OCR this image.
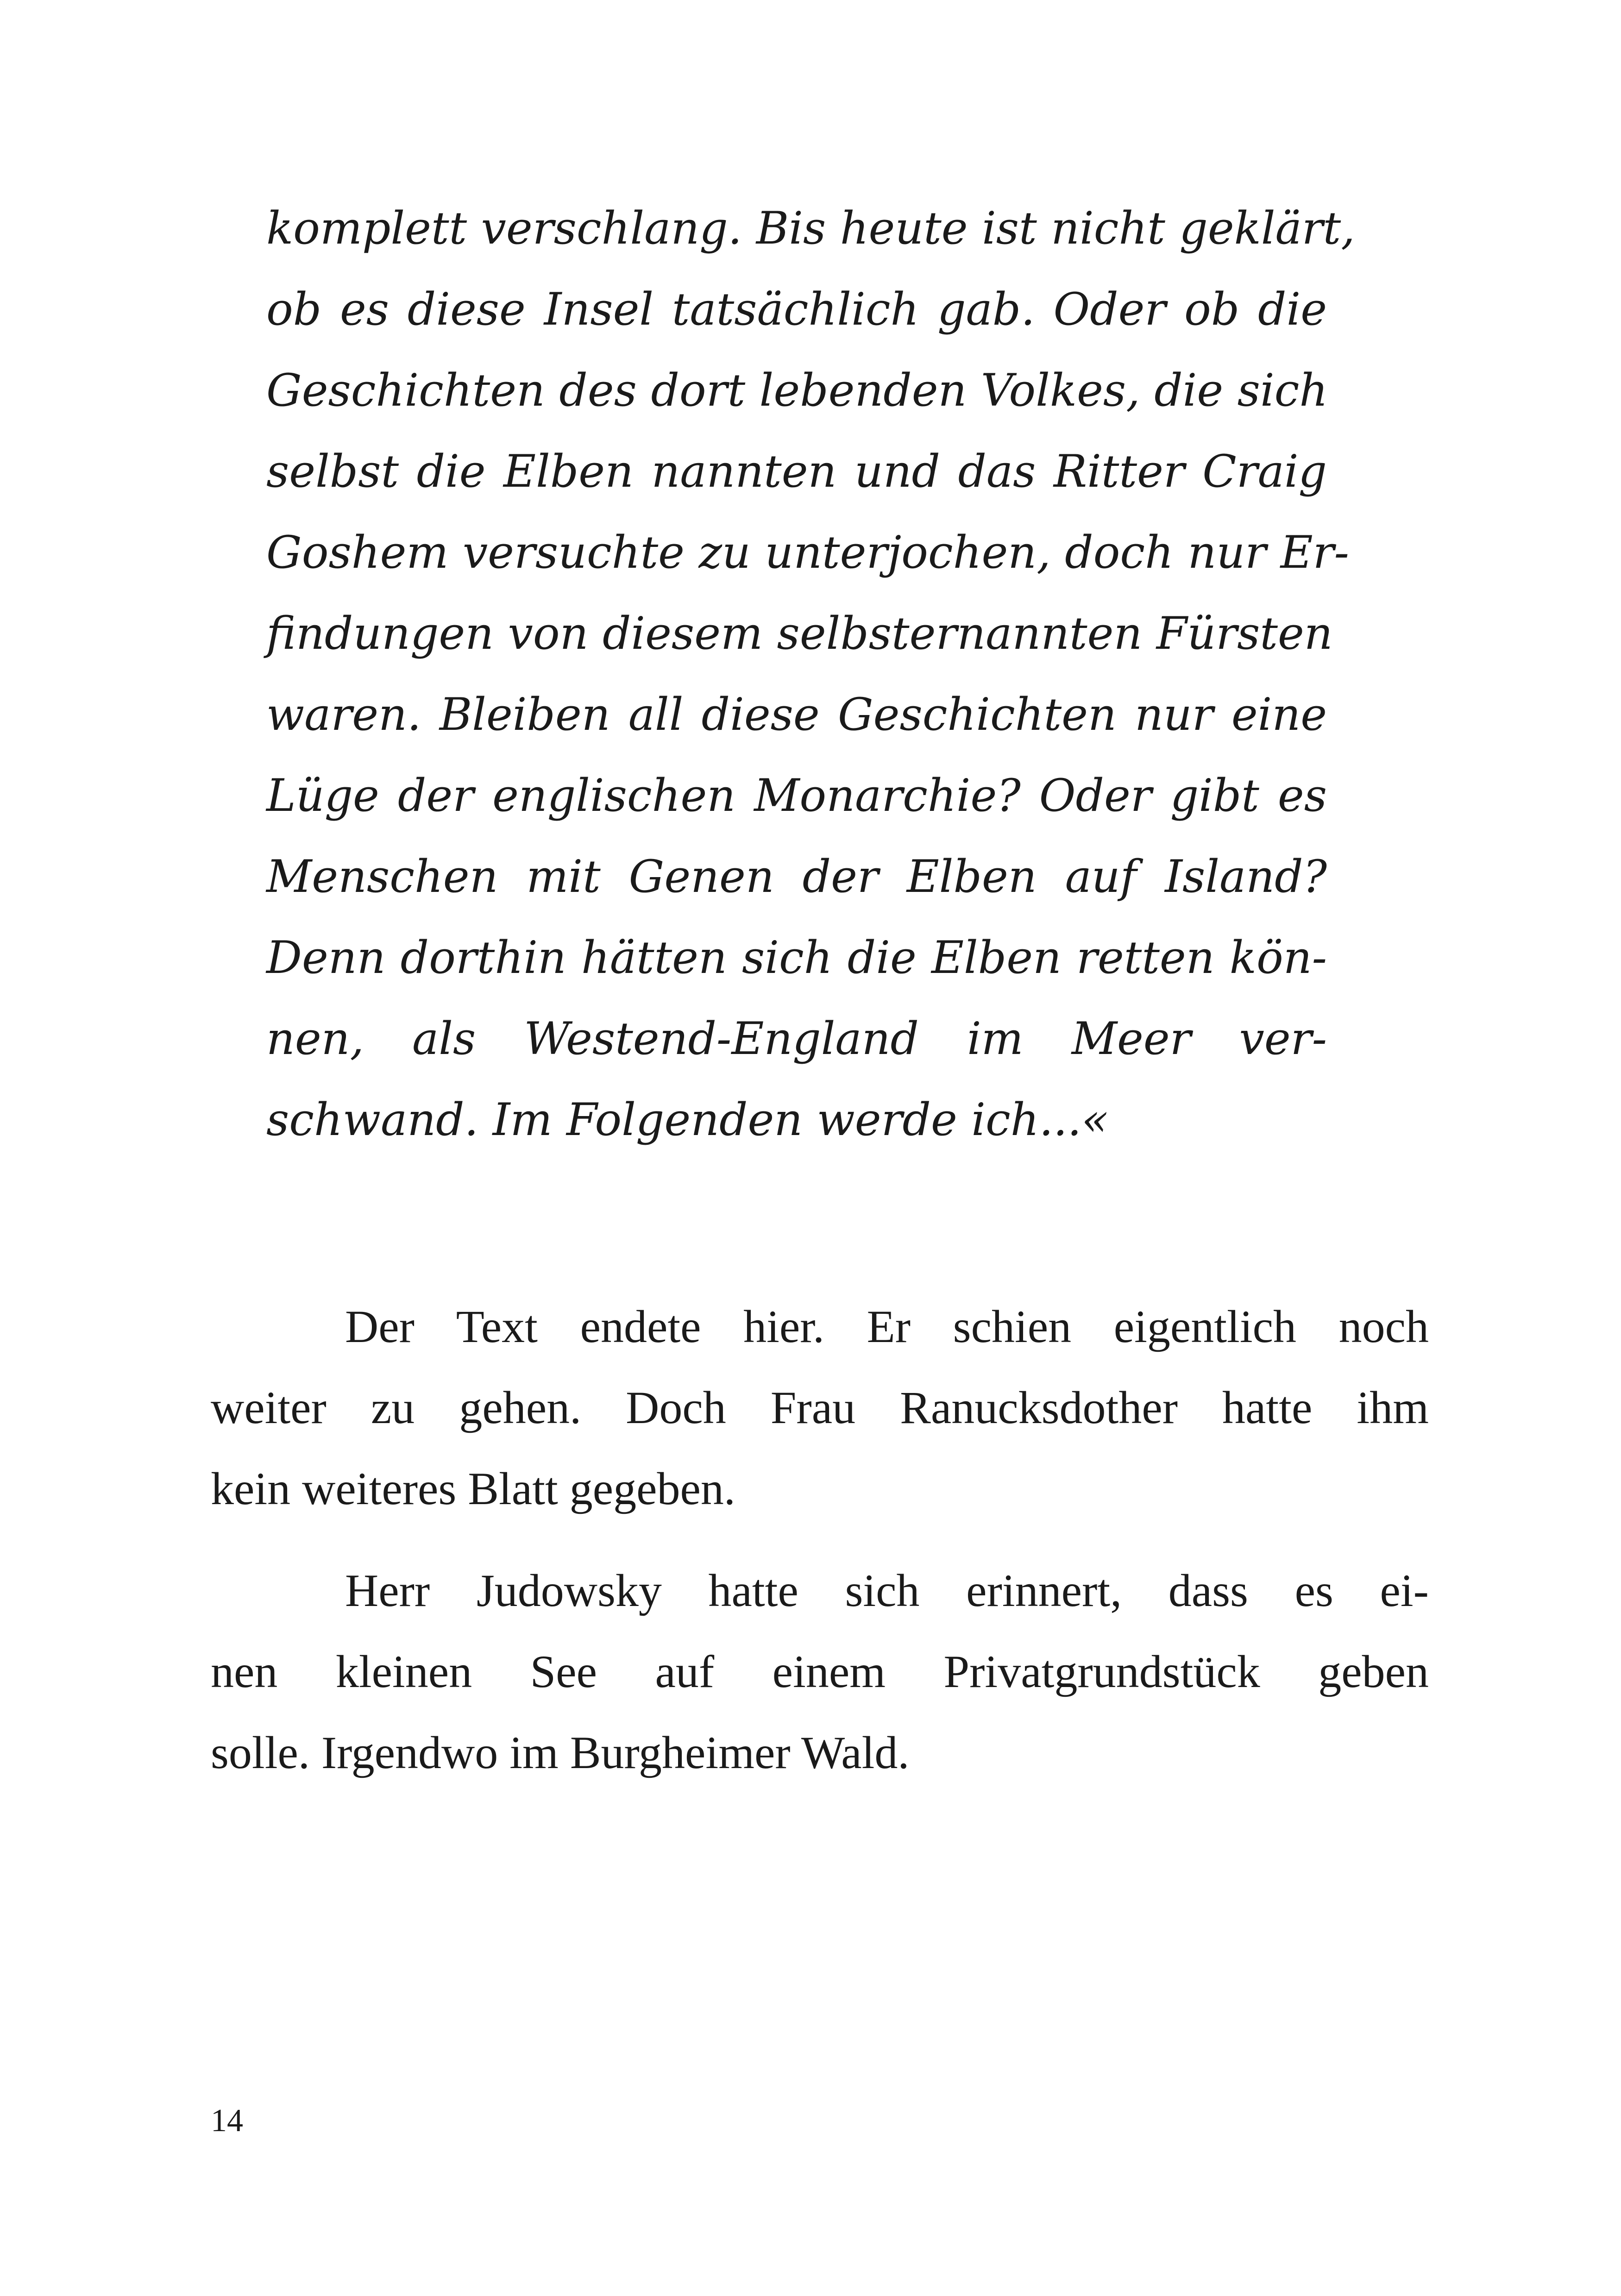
komplett verschlang. Bis heute ist nicht geklärt,
ob es diese Insel tatsächlich gab. Oder ob die
Geschichten des dort lebenden Volkes, die sich
selbst die Elben nannten und das Ritter Craig
Goshem versuchte zu unterjochen, doch nur Er-
findungen von diesem selbsternannten Fürsten
waren. Bleiben all diese Geschichten nur eine
Lüge der englischen Monarchie? Oder gibt es
Menschen mit Genen der Elben auf Island?
Denn dorthin hätten sich die Elben retten kön-
nen, als Westend-England im Meer ver-
schwand. Im Folgenden werde ich...«
Der Text endete hier. Er schien eigentlich noch
weiter zu gehen. Doch Frau Ranucksdother hatte ihm
kein weiteres Blatt gegeben.
Herr Judowsky hatte sich erinnert, dass es ei-
nen kleinen See auf einem Privatgrundstück geben
solle. Irgendwo im Burgheimer Wald.
14
